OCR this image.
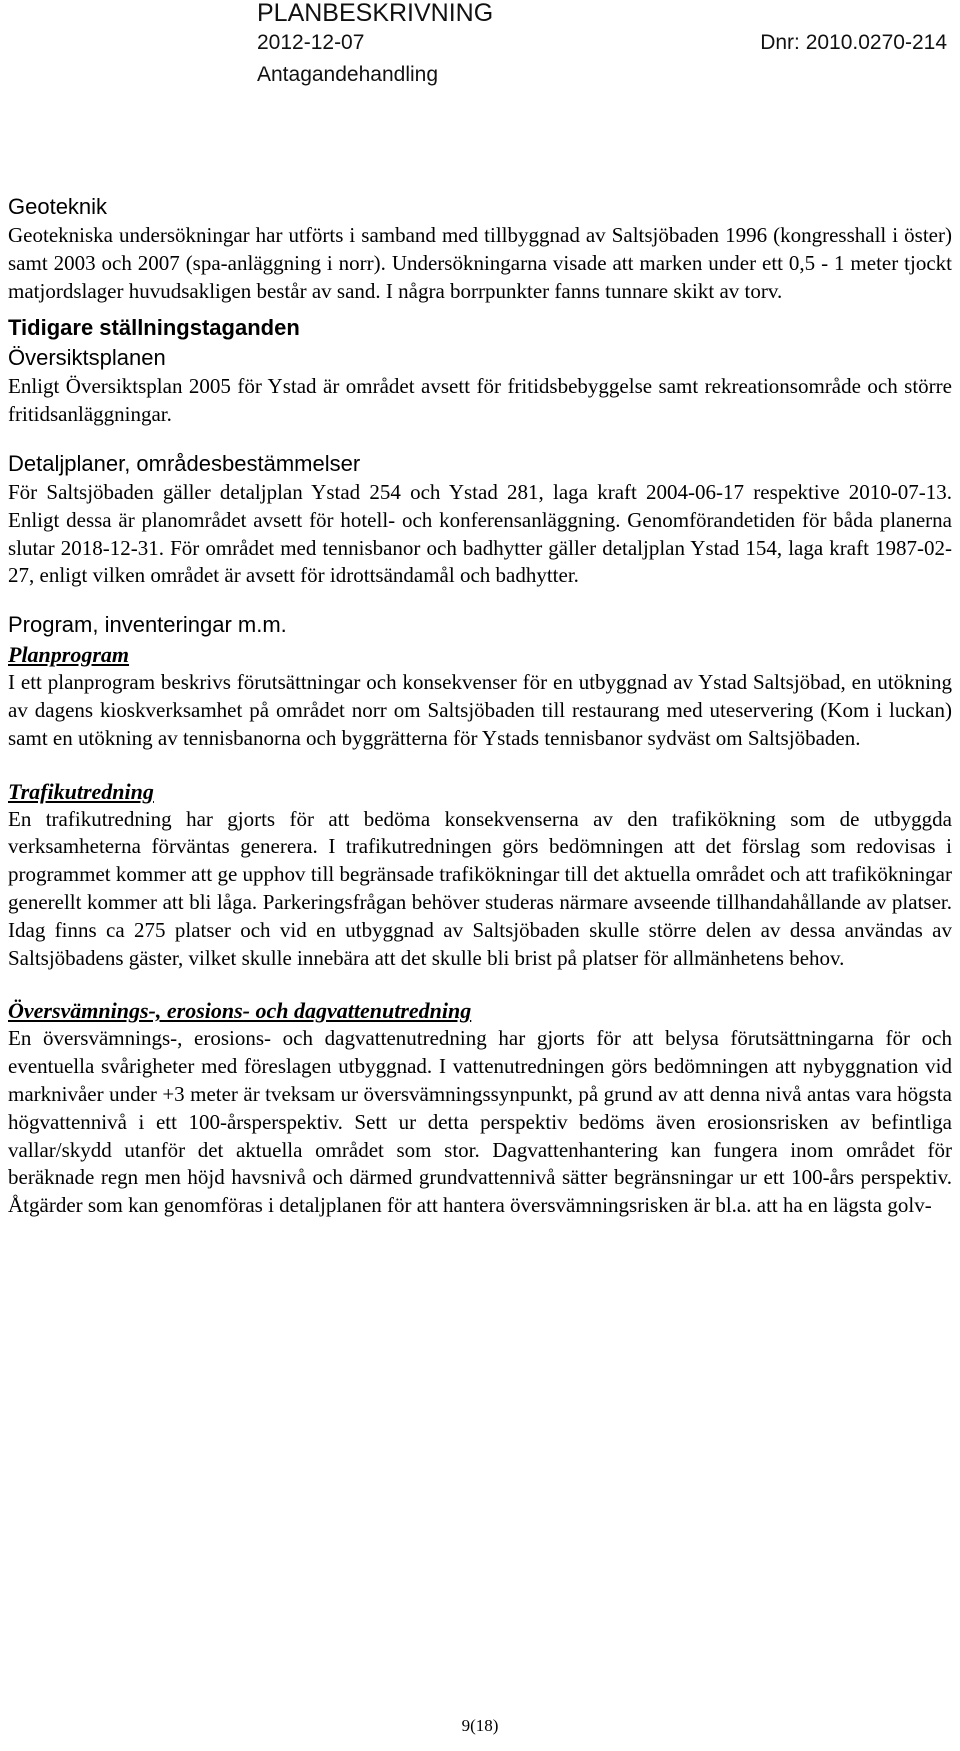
PLANBESKRIVNING
2012-12-07	Dnr: 2010.0270-214
Antagandehandling
Geoteknik

Geotekniska undersökningar har utförts i samband med tillbyggnad av Saltsjöbaden 1996 (kongresshall i öster) samt 2003 och 2007 (spa-anläggning i norr). Undersökningarna visade att marken under ett 0,5 - 1 meter tjockt matjordslager huvudsakligen består av sand. I några borrpunkter fanns tunnare skikt av torv.

Tidigare ställningstaganden
Översiktsplanen

Enligt Översiktsplan 2005 för Ystad är området avsett för fritidsbebyggelse samt rekreationsområde och större fritidsanläggningar.

Detaljplaner, områdesbestämmelser

För Saltsjöbaden gäller detaljplan Ystad 254 och Ystad 281, laga kraft 2004-06-17 respektive 2010-07-13. Enligt dessa är planområdet avsett för hotell- och konferensanläggning. Genomförandetiden för båda planerna slutar 2018-12-31. För området med tennisbanor och badhytter gäller detaljplan Ystad 154, laga kraft 1987-02-27, enligt vilken området är avsett för idrottsändamål och badhytter.

Program, inventeringar m.m.
Planprogram

I ett planprogram beskrivs förutsättningar och konsekvenser för en utbyggnad av Ystad Saltsjöbad, en utökning av dagens kioskverksamhet på området norr om Saltsjöbaden till restaurang med uteservering (Kom i luckan) samt en utökning av tennisbanorna och byggrätterna för Ystads tennisbanor sydväst om Saltsjöbaden.

Trafikutredning

En trafikutredning har gjorts för att bedöma konsekvenserna av den trafikökning som de utbyggda verksamheterna förväntas generera. I trafikutredningen görs bedömningen att det förslag som redovisas i programmet kommer att ge upphov till begränsade trafikökningar till det aktuella området och att trafikökningar generellt kommer att bli låga. Parkeringsfrågan behöver studeras närmare avseende tillhandahållande av platser. Idag finns ca 275 platser och vid en utbyggnad av Saltsjöbaden skulle större delen av dessa användas av Saltsjöbadens gäster, vilket skulle innebära att det skulle bli brist på platser för allmänhetens behov.

Översvämnings-, erosions- och dagvattenutredning

En översvämnings-, erosions- och dagvattenutredning har gjorts för att belysa förutsättningarna för och eventuella svårigheter med föreslagen utbyggnad. I vattenutredningen görs bedömningen att nybyggnation vid marknivåer under +3 meter är tveksam ur översvämningssynpunkt, på grund av att denna nivå antas vara högsta högvattennivå i ett 100-årsperspektiv. Sett ur detta perspektiv bedöms även erosionsrisken av befintliga vallar/skydd utanför det aktuella området som stor. Dagvattenhantering kan fungera inom området för beräknade regn men höjd havsnivå och därmed grundvattennivå sätter begränsningar ur ett 100-års perspektiv. Åtgärder som kan genomföras i detaljplanen för att hantera översvämningsrisken är bl.a. att ha en lägsta golv-

9(18)
